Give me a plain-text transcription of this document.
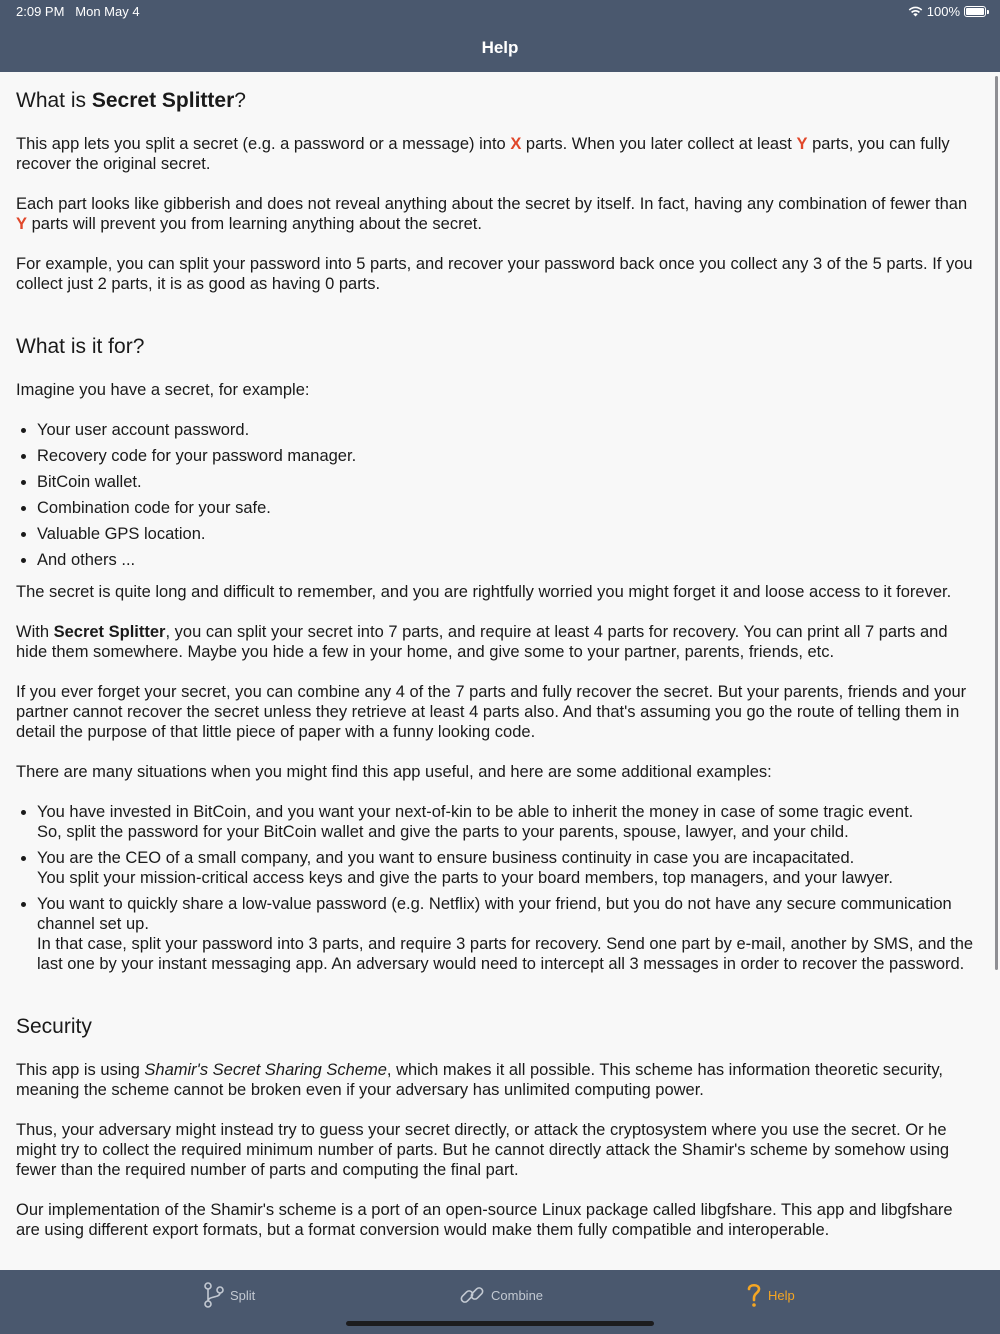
2:09 PM Mon May 4	100%
Help
What is Secret Splitter?

This app lets you split a secret (e.g. a password or a message) into X parts. When you later collect at least Y parts, you can fully recover the original secret.

Each part looks like gibberish and does not reveal anything about the secret by itself. In fact, having any combination of fewer than Y parts will prevent you from learning anything about the secret.

For example, you can split your password into 5 parts, and recover your password back once you collect any 3 of the 5 parts. If you collect just 2 parts, it is as good as having 0 parts.

What is it for?

Imagine you have a secret, for example:

• Your user account password.
• Recovery code for your password manager.
• BitCoin wallet.
• Combination code for your safe.
• Valuable GPS location.
• And others ...

The secret is quite long and difficult to remember, and you are rightfully worried you might forget it and loose access to it forever.

With Secret Splitter, you can split your secret into 7 parts, and require at least 4 parts for recovery. You can print all 7 parts and hide them somewhere. Maybe you hide a few in your home, and give some to your partner, parents, friends, etc.

If you ever forget your secret, you can combine any 4 of the 7 parts and fully recover the secret. But your parents, friends and your partner cannot recover the secret unless they retrieve at least 4 parts also. And that's assuming you go the route of telling them in detail the purpose of that little piece of paper with a funny looking code.

There are many situations when you might find this app useful, and here are some additional examples:

• You have invested in BitCoin, and you want your next-of-kin to be able to inherit the money in case of some tragic event.
So, split the password for your BitCoin wallet and give the parts to your parents, spouse, lawyer, and your child.
• You are the CEO of a small company, and you want to ensure business continuity in case you are incapacitated.
You split your mission-critical access keys and give the parts to your board members, top managers, and your lawyer.
• You want to quickly share a low-value password (e.g. Netflix) with your friend, but you do not have any secure communication channel set up.
In that case, split your password into 3 parts, and require 3 parts for recovery. Send one part by e-mail, another by SMS, and the last one by your instant messaging app. An adversary would need to intercept all 3 messages in order to recover the password.
Security

This app is using Shamir's Secret Sharing Scheme, which makes it all possible. This scheme has information theoretic security, meaning the scheme cannot be broken even if your adversary has unlimited computing power.

Thus, your adversary might instead try to guess your secret directly, or attack the cryptosystem where you use the secret. Or he might try to collect the required minimum number of parts. But he cannot directly attack the Shamir's scheme by somehow using fewer than the required number of parts and computing the final part.

Our implementation of the Shamir's scheme is a port of an open-source Linux package called libgfshare. This app and libgfshare are using different export formats, but a format conversion would make them fully compatible and interoperable.

Split	Combine	Help
